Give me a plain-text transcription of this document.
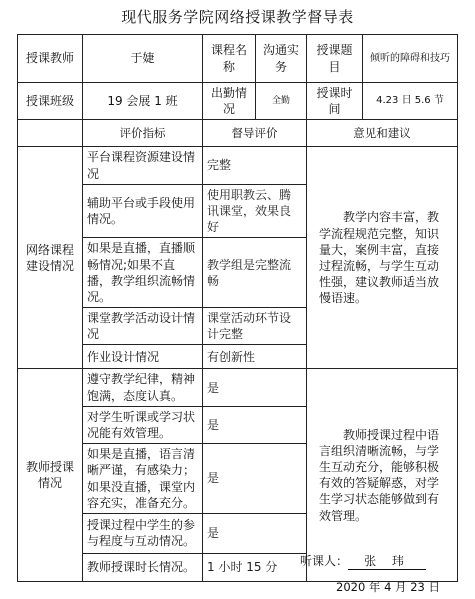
现代服务学院网络授课教学督导表
授课教师	于婕	课程名称	沟通实务	授课题目	倾听的障碍和技巧
授课班级	19 会展 1 班	出勤情况	全勤	授课时间	4.23 日 5.6 节
	评价指标	督导评价		意见和建议	
网络课程建设情况	平台课程资源建设情况	完整		教学内容丰富，教学流程规范完整，知识量大，案例丰富，直接过程流畅，与学生互动性强，建议教师适当放慢语速。	
	辅助平台或手段使用情况。	使用职教云、腾讯课堂，效果良好			
	如果是直播，直播顺畅情况;如果不直播，教学组织流畅情况。	教学组是完整流畅			
	课堂教学活动设计情况	课堂活动环节设计完整			
	作业设计情况	有创新性			
教师授课情况	遵守教学纪律，精神饱满，态度认真。	是		教师授课过程中语言组织清晰流畅，与学生互动充分，能够积极有效的答疑解惑，对学生学习状态能够做到有效管理。	
	对学生听课或学习状况能有效管理。	是			
	如果是直播，语言清晰严谨，有感染力；如果没直播，课堂内容充实，准备充分。	是			
	授课过程中学生的参与程度与互动情况。	是			
	教师授课时长情况。	1 小时 15 分			听课人： 张 玮
2020 年 4 月 23 日
